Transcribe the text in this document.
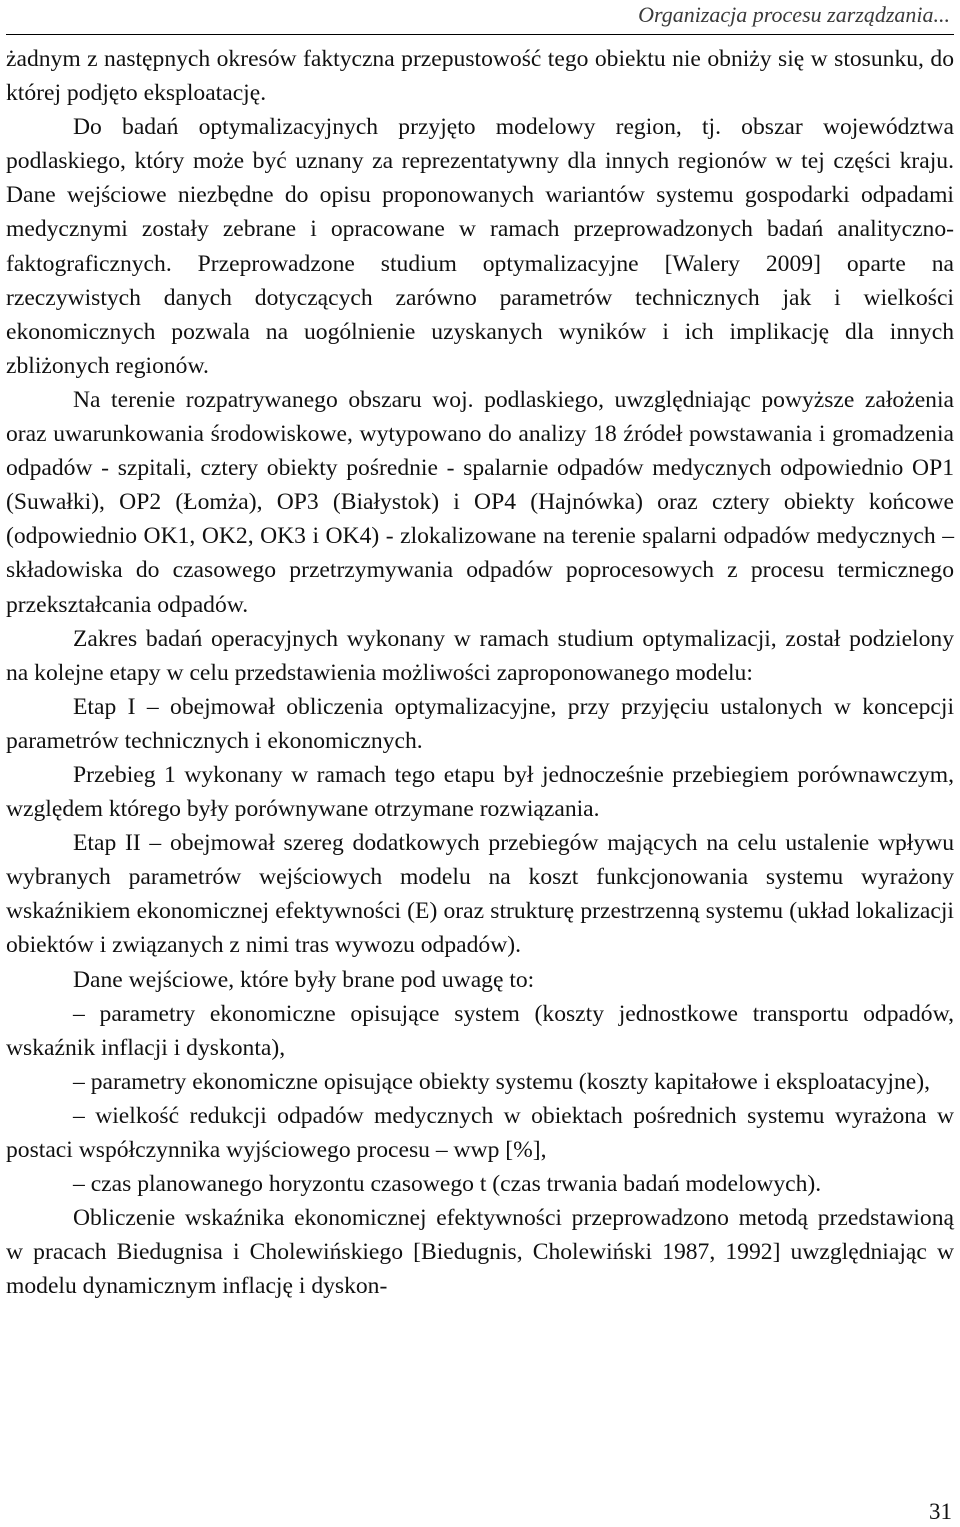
Organizacja procesu zarządzania...

żadnym z następnych okresów faktyczna przepustowość tego obiektu nie obniży się w stosunku, do której podjęto eksploatację.

Do badań optymalizacyjnych przyjęto modelowy region, tj. obszar województwa podlaskiego, który może być uznany za reprezentatywny dla innych regionów w tej części kraju. Dane wejściowe niezbędne do opisu proponowanych wariantów systemu gospodarki odpadami medycznymi zostały zebrane i opracowane w ramach przeprowadzonych badań analityczno-faktograficznych. Przeprowadzone studium optymalizacyjne [Walery 2009] oparte na rzeczywistych danych dotyczących zarówno parametrów technicznych jak i wielkości ekonomicznych pozwala na uogólnienie uzyskanych wyników i ich implikację dla innych zbliżonych regionów.

Na terenie rozpatrywanego obszaru woj. podlaskiego, uwzględniając powyższe założenia oraz uwarunkowania środowiskowe, wytypowano do analizy 18 źródeł powstawania i gromadzenia odpadów - szpitali, cztery obiekty pośrednie - spalarnie odpadów medycznych odpowiednio OP1 (Suwałki), OP2 (Łomża), OP3 (Białystok) i OP4 (Hajnówka) oraz cztery obiekty końcowe (odpowiednio OK1, OK2, OK3 i OK4) - zlokalizowane na terenie spalarni odpadów medycznych – składowiska do czasowego przetrzymywania odpadów poprocesowych z procesu termicznego przekształcania odpadów.

Zakres badań operacyjnych wykonany w ramach studium optymalizacji, został podzielony na kolejne etapy w celu przedstawienia możliwości zaproponowanego modelu:

Etap I – obejmował obliczenia optymalizacyjne, przy przyjęciu ustalonych w koncepcji parametrów technicznych i ekonomicznych.

Przebieg 1 wykonany w ramach tego etapu był jednocześnie przebiegiem porównawczym, względem którego były porównywane otrzymane rozwiązania.

Etap II – obejmował szereg dodatkowych przebiegów mających na celu ustalenie wpływu wybranych parametrów wejściowych modelu na koszt funkcjonowania systemu wyrażony wskaźnikiem ekonomicznej efektywności (E) oraz strukturę przestrzenną systemu (układ lokalizacji obiektów i związanych z nimi tras wywozu odpadów).

Dane wejściowe, które były brane pod uwagę to:

– parametry ekonomiczne opisujące system (koszty jednostkowe transportu odpadów, wskaźnik inflacji i dyskonta),

– parametry ekonomiczne opisujące obiekty systemu (koszty kapitałowe i eksploatacyjne),

– wielkość redukcji odpadów medycznych w obiektach pośrednich systemu wyrażona w postaci współczynnika wyjściowego procesu – wwp [%],

– czas planowanego horyzontu czasowego t (czas trwania badań modelowych).

Obliczenie wskaźnika ekonomicznej efektywności przeprowadzono metodą przedstawioną w pracach Biedugnisa i Cholewińskiego [Biedugnis, Cholewiński 1987, 1992] uwzględniając w modelu dynamicznym inflację i dyskon-

31
